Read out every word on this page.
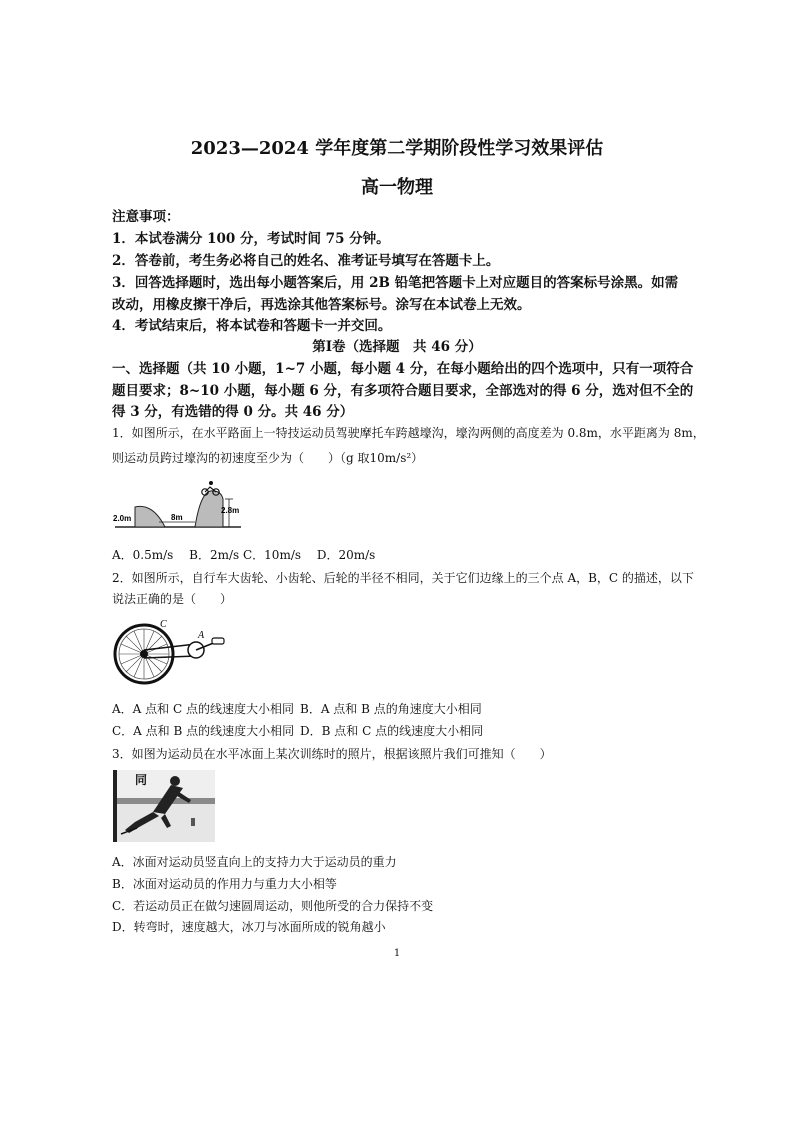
2023—2024 学年度第二学期阶段性学习效果评估
高一物理
注意事项：
1．本试卷满分 100 分，考试时间 75 分钟。
2．答卷前，考生务必将自己的姓名、准考证号填写在答题卡上。
3．回答选择题时，选出每小题答案后，用 2B 铅笔把答题卡上对应题目的答案标号涂黑。如需
改动，用橡皮擦干净后，再选涂其他答案标号。涂写在本试卷上无效。
4．考试结束后，将本试卷和答题卡一并交回。
第Ⅰ卷（选择题　共 46 分）
一、选择题（共 10 小题，1~7 小题，每小题 4 分，在每小题给出的四个选项中，只有一项符合
题目要求；8~10 小题，每小题 6 分，有多项符合题目要求，全部选对的得 6 分，选对但不全的
得 3 分，有选错的得 0 分。共 46 分）
1．如图所示，在水平路面上一特技运动员驾驶摩托车跨越壕沟，壕沟两侧的高度差为 0.8m，水平距离为 8m，
则运动员跨过壕沟的初速度至少为（　　）（g 取10m/s²）
2.0m	8m
2.8m
A．0.5m/s　 B．2m/s C．10m/s　 D．20m/s
2．如图所示，自行车大齿轮、小齿轮、后轮的半径不相同，关于它们边缘上的三个点 A，B，C 的描述，以下
说法正确的是（　　）
C
A
A．A 点和 C 点的线速度大小相同 B．A 点和 B 点的角速度大小相同
C．A 点和 B 点的线速度大小相同 D．B 点和 C 点的线速度大小相同
3．如图为运动员在水平冰面上某次训练时的照片，根据该照片我们可推知（　　）
同
A．冰面对运动员竖直向上的支持力大于运动员的重力
B．冰面对运动员的作用力与重力大小相等
C．若运动员正在做匀速圆周运动，则他所受的合力保持不变
D．转弯时，速度越大，冰刀与冰面所成的锐角越小
1
